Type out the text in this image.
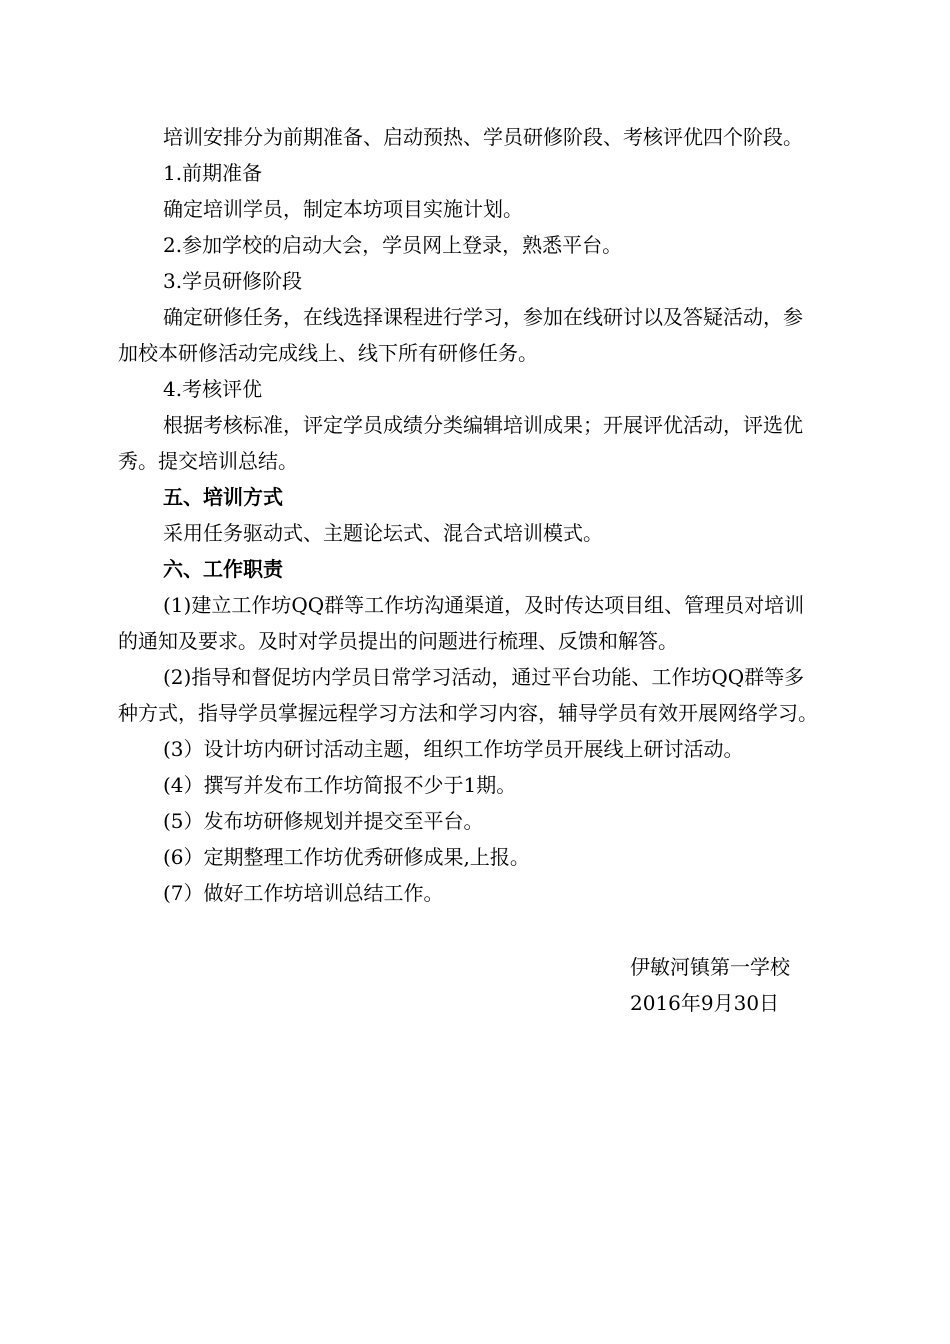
培训安排分为前期准备、启动预热、学员研修阶段、考核评优四个阶段。

1.前期准备

确定培训学员，制定本坊项目实施计划。

2.参加学校的启动大会，学员网上登录，熟悉平台。

3.学员研修阶段

确定研修任务，在线选择课程进行学习，参加在线研讨以及答疑活动，参

加校本研修活动完成线上、线下所有研修任务。

4.考核评优

根据考核标准，评定学员成绩分类编辑培训成果；开展评优活动，评选优

秀。提交培训总结。

五、培训方式

采用任务驱动式、主题论坛式、混合式培训模式。

六、工作职责

(1)建立工作坊QQ群等工作坊沟通渠道，及时传达项目组、管理员对培训

的通知及要求。及时对学员提出的问题进行梳理、反馈和解答。

(2)指导和督促坊内学员日常学习活动，通过平台功能、工作坊QQ群等多

种方式，指导学员掌握远程学习方法和学习内容，辅导学员有效开展网络学习。

(3）设计坊内研讨活动主题，组织工作坊学员开展线上研讨活动。

(4）撰写并发布工作坊简报不少于1期。

(5）发布坊研修规划并提交至平台。

(6）定期整理工作坊优秀研修成果,上报。

(7）做好工作坊培训总结工作。

伊敏河镇第一学校

2016年9月30日
